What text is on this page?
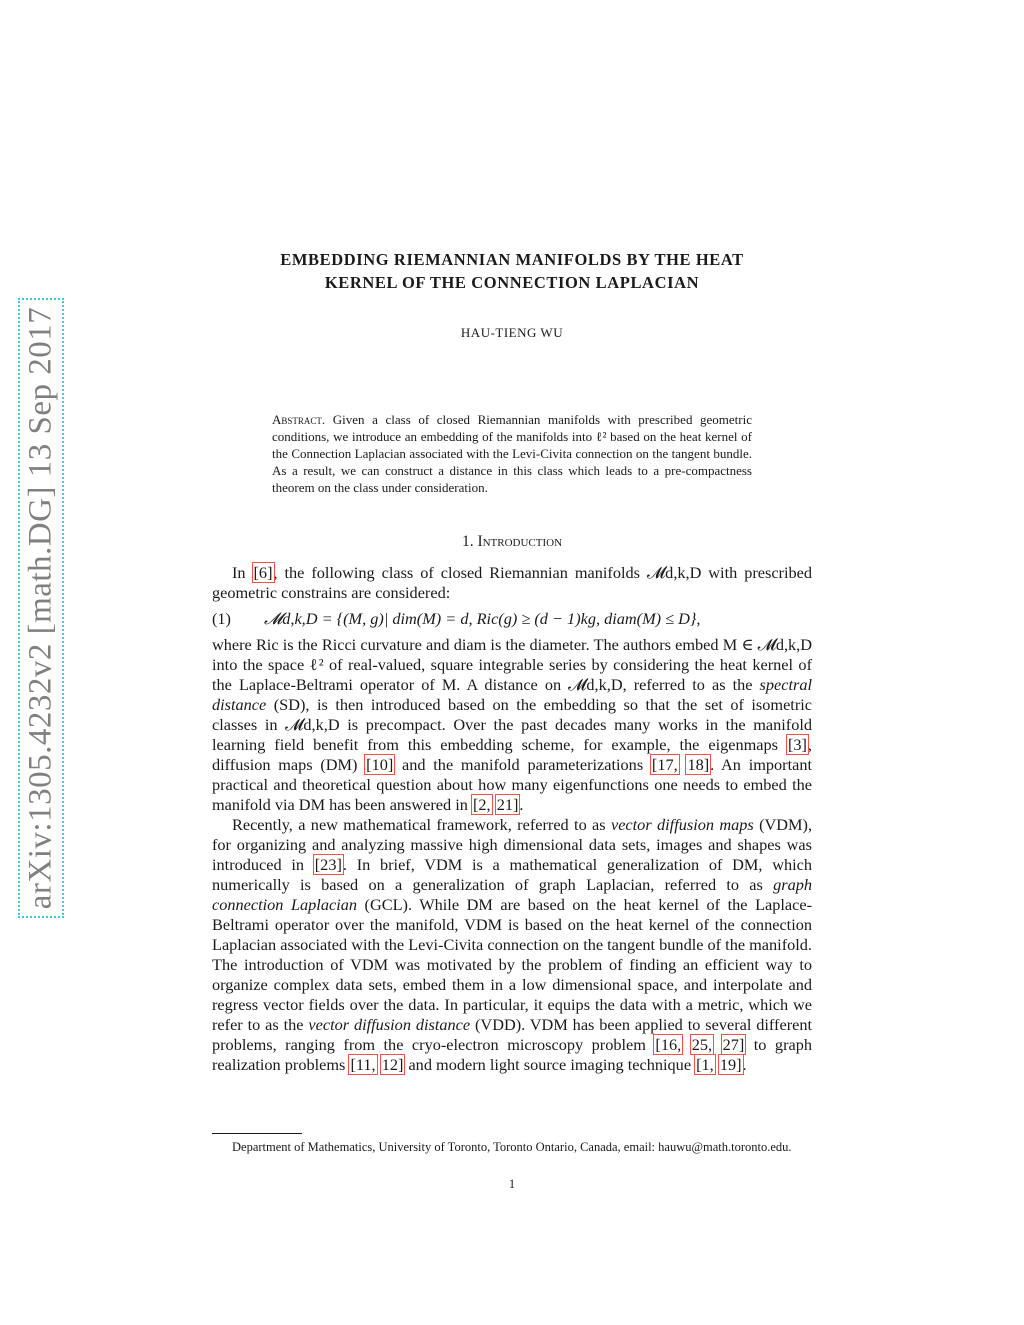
arXiv:1305.4232v2 [math.DG] 13 Sep 2017
EMBEDDING RIEMANNIAN MANIFOLDS BY THE HEAT
KERNEL OF THE CONNECTION LAPLACIAN
HAU-TIENG WU
Abstract. Given a class of closed Riemannian manifolds with prescribed geometric conditions, we introduce an embedding of the manifolds into ℓ² based on the heat kernel of the Connection Laplacian associated with the Levi-Civita connection on the tangent bundle. As a result, we can construct a distance in this class which leads to a pre-compactness theorem on the class under consideration.
1. Introduction

In [6], the following class of closed Riemannian manifolds 𝓜d,k,D with prescribed geometric constrains are considered:

(1)	𝓜d,k,D = {(M, g)| dim(M) = d, Ric(g) ≥ (d − 1)kg, diam(M) ≤ D},

where Ric is the Ricci curvature and diam is the diameter. The authors embed M ∈ 𝓜d,k,D into the space ℓ² of real-valued, square integrable series by considering the heat kernel of the Laplace-Beltrami operator of M. A distance on 𝓜d,k,D, referred to as the spectral distance (SD), is then introduced based on the embedding so that the set of isometric classes in 𝓜d,k,D is precompact. Over the past decades many works in the manifold learning field benefit from this embedding scheme, for example, the eigenmaps [3], diffusion maps (DM) [10] and the manifold parameterizations [17, 18]. An important practical and theoretical question about how many eigenfunctions one needs to embed the manifold via DM has been answered in [2, 21].

Recently, a new mathematical framework, referred to as vector diffusion maps (VDM), for organizing and analyzing massive high dimensional data sets, images and shapes was introduced in [23]. In brief, VDM is a mathematical generalization of DM, which numerically is based on a generalization of graph Laplacian, referred to as graph connection Laplacian (GCL). While DM are based on the heat kernel of the Laplace-Beltrami operator over the manifold, VDM is based on the heat kernel of the connection Laplacian associated with the Levi-Civita connection on the tangent bundle of the manifold. The introduction of VDM was motivated by the problem of finding an efficient way to organize complex data sets, embed them in a low dimensional space, and interpolate and regress vector fields over the data. In particular, it equips the data with a metric, which we refer to as the vector diffusion distance (VDD). VDM has been applied to several different problems, ranging from the cryo-electron microscopy problem [16, 25, 27] to graph realization problems [11, 12] and modern light source imaging technique [1, 19].

Department of Mathematics, University of Toronto, Toronto Ontario, Canada, email: hauwu@math.toronto.edu.

1
